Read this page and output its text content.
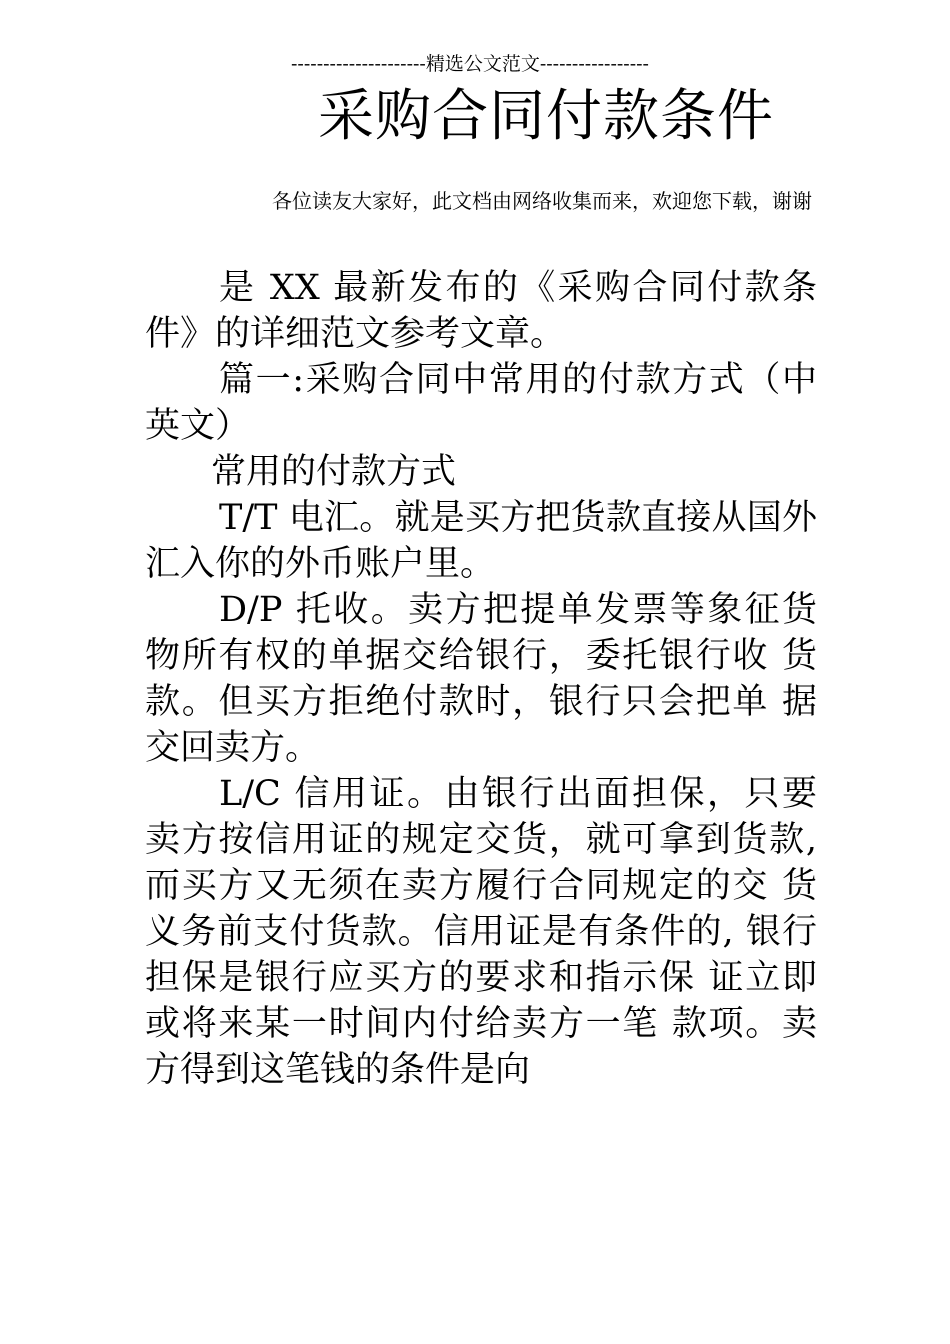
---------------------精选公文范文-----------------
采购合同付款条件
各位读友大家好，此文档由网络收集而来，欢迎您下载，谢谢

是 XX 最新发布的《采购合同付款条件》的详细范文参考文章。

篇一:采购合同中常用的付款方式（中英文）

常用的付款方式

T/T 电汇。就是买方把货款直接从国外汇入你的外币账户里。

D/P 托收。卖方把提单发票等象征货物所有权的单据交给银行，委托银行收 货款。但买方拒绝付款时，银行只会把单 据交回卖方。

L/C 信用证。由银行出面担保，只要 卖方按信用证的规定交货，就可拿到货款, 而买方又无须在卖方履行合同规定的交 货义务前支付货款。信用证是有条件的, 银行担保是银行应买方的要求和指示保 证立即或将来某一时间内付给卖方一笔 款项。卖方得到这笔钱的条件是向
